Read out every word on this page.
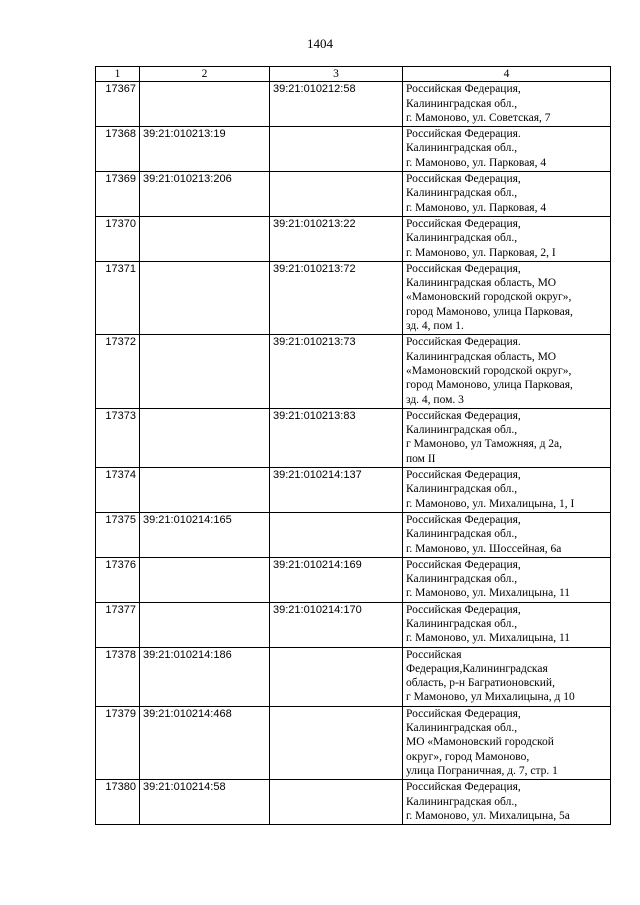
1404
1	2	3	4
17367		39:21:010212:58	Российская Федерация,
Калининградская обл.,
г. Мамоново, ул. Советская, 7

17368	39:21:010213:19		Российская Федерация.
Калининградская обл.,
г. Мамоново, ул. Парковая, 4

17369	39:21:010213:206		Российская Федерация,
Калининградская обл.,
г. Мамоново, ул. Парковая, 4

17370		39:21:010213:22	Российская Федерация,
Калининградская обл.,
г. Мамоново, ул. Парковая, 2, I

17371		39:21:010213:72	Российская Федерация,
Калининградская область, МО
«Мамоновский городской округ»,
город Мамоново, улица Парковая,
зд. 4, пом 1.

17372		39:21:010213:73	Российская Федерация.
Калининградская область, МО
«Мамоновский городской округ»,
город Мамоново, улица Парковая,
зд. 4, пом. 3

17373		39:21:010213:83	Российская Федерация,
Калининградская обл.,
г Мамоново, ул Таможняя, д 2а,
пом II

17374		39:21:010214:137	Российская Федерация,
Калининградская обл.,
г. Мамоново, ул. Михалицына, 1, I

17375	39:21:010214:165		Российская Федерация,
Калининградская обл.,
г. Мамоново, ул. Шоссейная, 6а

17376		39:21:010214:169	Российская Федерация,
Калининградская обл.,
г. Мамоново, ул. Михалицына, 11

17377		39:21:010214:170	Российская Федерация,
Калининградская обл.,
г. Мамоново, ул. Михалицына, 11

17378	39:21:010214:186		Российская
Федерация,Калининградская
область, р-н Багратионовский,
г Мамоново, ул Михалицына, д 10

17379	39:21:010214:468		Российская Федерация,
Калининградская обл.,
МО «Мамоновский городской
округ», город Мамоново,
улица Пограничная, д. 7, стр. 1

17380	39:21:010214:58		Российская Федерация,
Калининградская обл.,
г. Мамоново, ул. Михалицына, 5а
